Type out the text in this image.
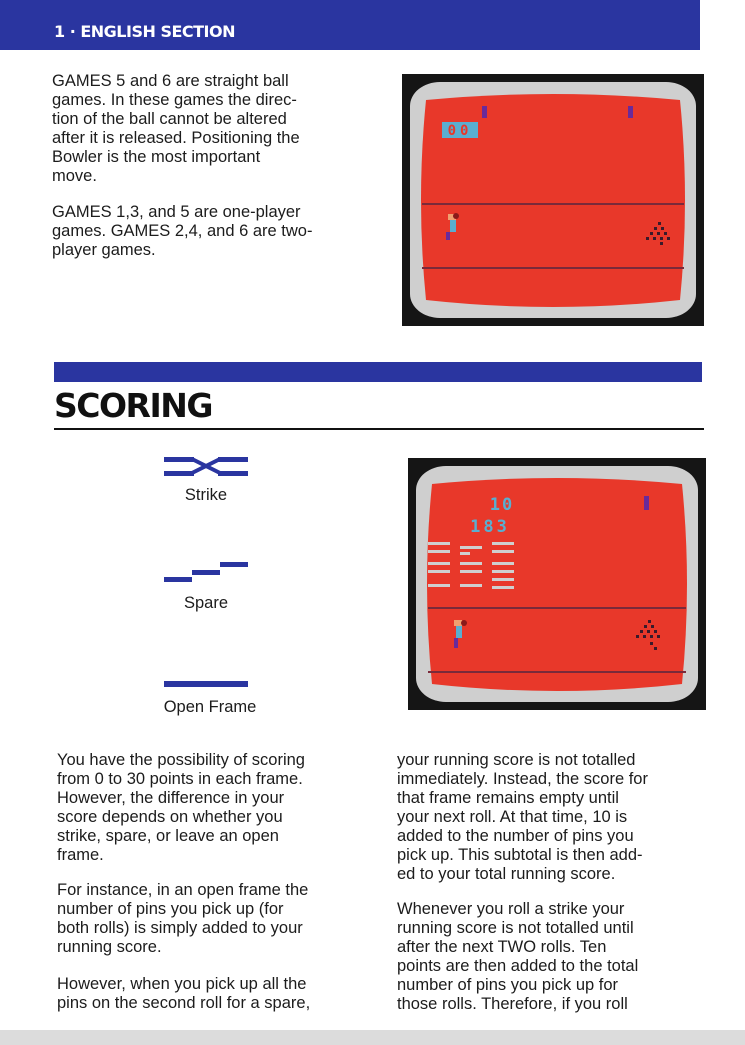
1 · ENGLISH SECTION
GAMES 5 and 6 are straight ball
games. In these games the direc-
tion of the ball cannot be altered
after it is released. Positioning the
Bowler is the most important
move.
GAMES 1,3, and 5 are one-player
games. GAMES 2,4, and 6 are two-
player games.
00
SCORING
Strike
Spare
Open Frame
10
183
You have the possibility of scoring
from 0 to 30 points in each frame.
However, the difference in your
score depends on whether you
strike, spare, or leave an open
frame.
For instance, in an open frame the
number of pins you pick up (for
both rolls) is simply added to your
running score.
However, when you pick up all the
pins on the second roll for a spare,
your running score is not totalled
immediately. Instead, the score for
that frame remains empty until
your next roll. At that time, 10 is
added to the number of pins you
pick up. This subtotal is then add-
ed to your total running score.
Whenever you roll a strike your
running score is not totalled until
after the next TWO rolls. Ten
points are then added to the total
number of pins you pick up for
those rolls. Therefore, if you roll
